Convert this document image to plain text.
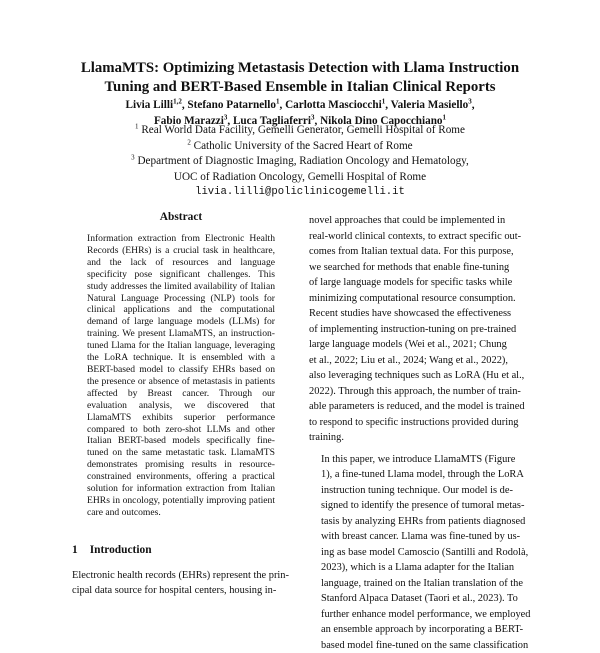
LlamaMTS: Optimizing Metastasis Detection with Llama Instruction
Tuning and BERT-Based Ensemble in Italian Clinical Reports
Livia Lilli$^{1,2}$, Stefano Patarnello$^1$, Carlotta Masciocchi$^1$, Valeria Masiello$^3$,
Fabio Marazzi$^3$, Luca Tagliaferri$^3$, Nikola Dino Capocchiano$^1$
$^1$ Real World Data Facility, Gemelli Generator, Gemelli Hospital of Rome
$^2$ Catholic University of the Sacred Heart of Rome
$^3$ Department of Diagnostic Imaging, Radiation Oncology and Hematology,
UOC of Radiation Oncology, Gemelli Hospital of Rome
livia.lilli@policlinicogemelli.it
Abstract
Information extraction from Electronic Health Records (EHRs) is a crucial task in healthcare, and the lack of resources and language specificity pose significant challenges. This study addresses the limited availability of Italian Natural Language Processing (NLP) tools for clinical applications and the computational demand of large language models (LLMs) for training. We present LlamaMTS, an instruction-tuned Llama for the Italian language, leveraging the LoRA technique. It is ensembled with a BERT-based model to classify EHRs based on the presence or absence of metastasis in patients affected by Breast cancer. Through our evaluation analysis, we discovered that LlamaMTS exhibits superior performance compared to both zero-shot LLMs and other Italian BERT-based models specifically fine-tuned on the same metastatic task. LlamaMTS demonstrates promising results in resource-constrained environments, offering a practical solution for information extraction from Italian EHRs in oncology, potentially improving patient care and outcomes.
1 Introduction
Electronic health records (EHRs) represent the prin-
cipal data source for hospital centers, housing in-

novel approaches that could be implemented in
real-world clinical contexts, to extract specific out-
comes from Italian textual data. For this purpose,
we searched for methods that enable fine-tuning
of large language models for specific tasks while
minimizing computational resource consumption.
Recent studies have showcased the effectiveness
of implementing instruction-tuning on pre-trained
large language models (Wei et al., 2021; Chung
et al., 2022; Liu et al., 2024; Wang et al., 2022),
also leveraging techniques such as LoRA (Hu et al.,
2022). Through this approach, the number of train-
able parameters is reduced, and the model is trained
to respond to specific instructions provided during
training.

In this paper, we introduce LlamaMTS (Figure
1), a fine-tuned Llama model, through the LoRA
instruction tuning technique. Our model is de-
signed to identify the presence of tumoral metas-
tasis by analyzing EHRs from patients diagnosed
with breast cancer. Llama was fine-tuned by us-
ing as base model Camoscio (Santilli and Rodolà,
2023), which is a Llama adapter for the Italian
language, trained on the Italian translation of the
Stanford Alpaca Dataset (Taori et al., 2023). To
further enhance model performance, we employed
an ensemble approach by incorporating a BERT-
based model fine-tuned on the same classification
